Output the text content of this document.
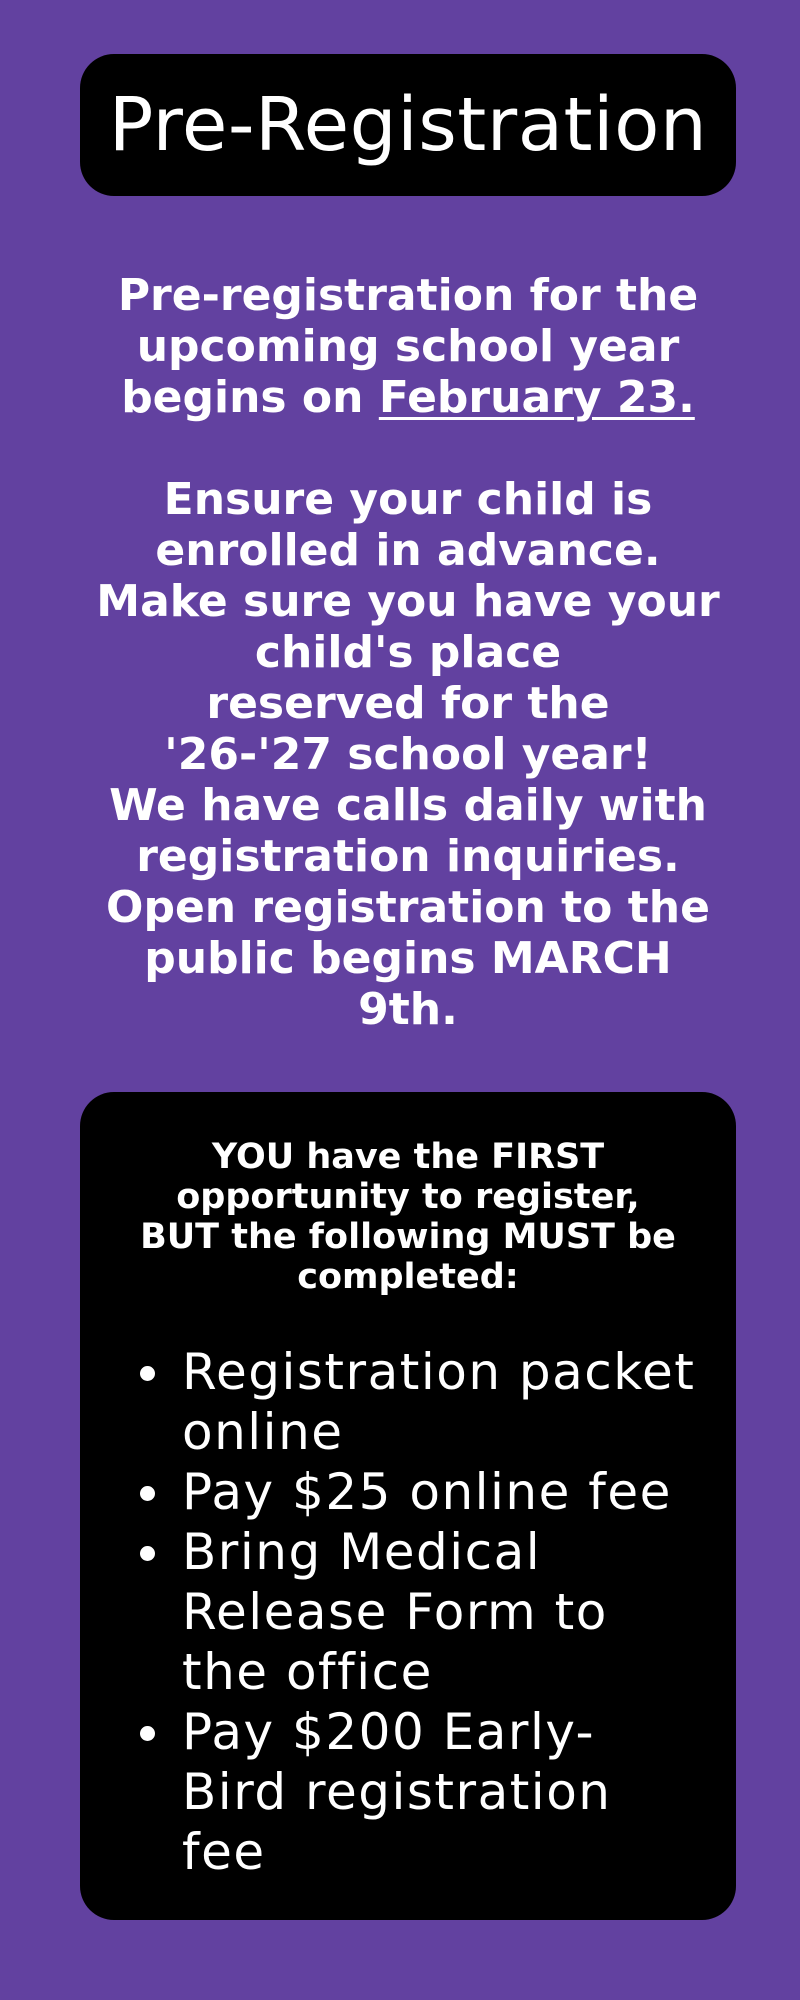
Pre-Registration

Pre-registration for the

upcoming school year

begins on February 23.

Ensure your child is

enrolled in advance.

Make sure you have your

child's place

reserved for the

'26-'27 school year!

We have calls daily with

registration inquiries.

Open registration to the

public begins MARCH

9th.

YOU have the FIRST
opportunity to register,
BUT the following MUST be
completed:
Registration packet
online
Pay $25 online fee
Bring Medical
Release Form to
the office
Pay $200 Early-
Bird registration
fee
